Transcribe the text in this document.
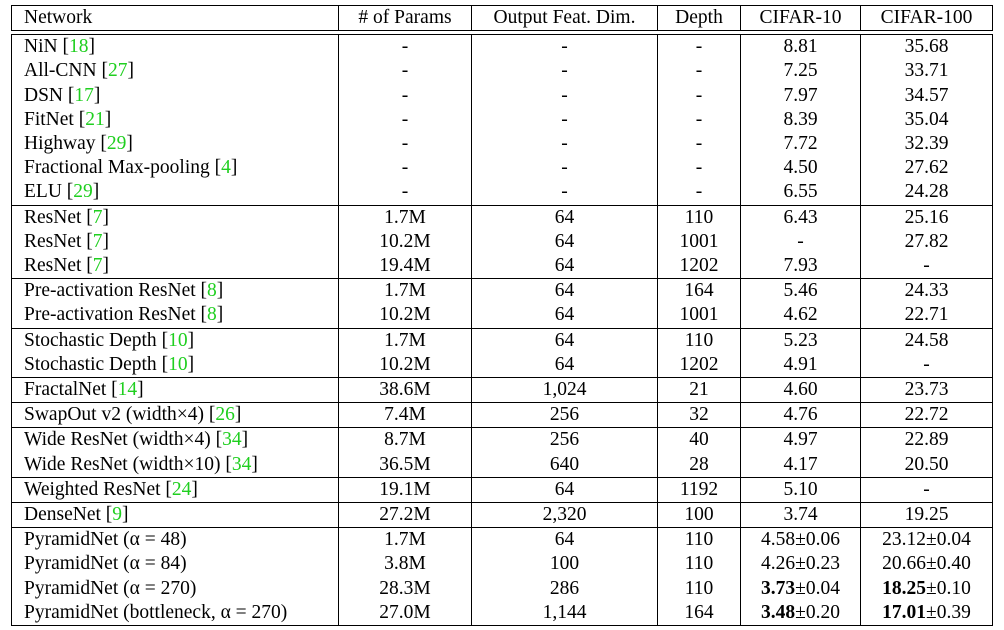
Network	# of Params	Output Feat. Dim.	Depth	CIFAR-10	CIFAR-100

NiN [18]	-	-	-	8.81	35.68
All-CNN [27]	-	-	-	7.25	33.71
DSN [17]	-	-	-	7.97	34.57
FitNet [21]	-	-	-	8.39	35.04
Highway [29]	-	-	-	7.72	32.39
Fractional Max-pooling [4]	-	-	-	4.50	27.62
ELU [29]	-	-	-	6.55	24.28
ResNet [7]	1.7M	64	110	6.43	25.16
ResNet [7]	10.2M	64	1001	-	27.82
ResNet [7]	19.4M	64	1202	7.93	-
Pre-activation ResNet [8]	1.7M	64	164	5.46	24.33
Pre-activation ResNet [8]	10.2M	64	1001	4.62	22.71
Stochastic Depth [10]	1.7M	64	110	5.23	24.58
Stochastic Depth [10]	10.2M	64	1202	4.91	-
FractalNet [14]	38.6M	1,024	21	4.60	23.73
SwapOut v2 (width×4) [26]	7.4M	256	32	4.76	22.72
Wide ResNet (width×4) [34]	8.7M	256	40	4.97	22.89
Wide ResNet (width×10) [34]	36.5M	640	28	4.17	20.50
Weighted ResNet [24]	19.1M	64	1192	5.10	-
DenseNet [9]	27.2M	2,320	100	3.74	19.25
PyramidNet (α = 48)	1.7M	64	110	4.58±0.06	23.12±0.04
PyramidNet (α = 84)	3.8M	100	110	4.26±0.23	20.66±0.40
PyramidNet (α = 270)	28.3M	286	110	3.73±0.04	18.25±0.10
PyramidNet (bottleneck, α = 270)	27.0M	1,144	164	3.48±0.20	17.01±0.39
